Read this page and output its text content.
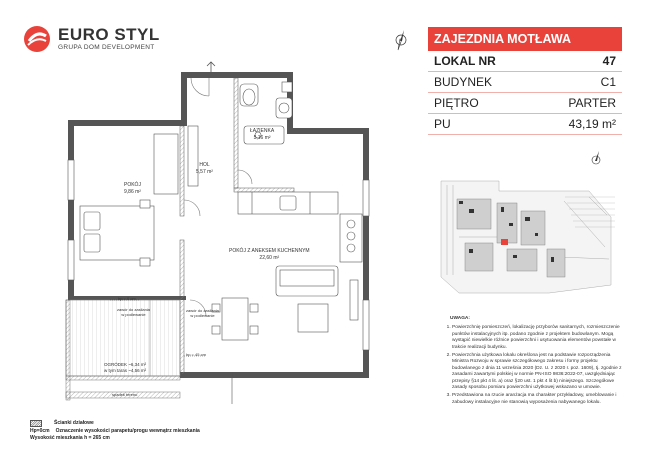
EURO STYL
GRUPA DOM DEVELOPMENT
ZAJEZDNIA MOTŁAWA
LOKAL NR	47
BUDYNEK	C1
PIĘTRO	PARTER
PU	43,19 m²
ŁAZIENKA
5,16 m²
HOL
5,57 m²
POKÓJ
9,86 m²
POKÓJ Z ANEKSEM KUCHENNYM
22,60 m²
OGRÓDEK ~6,34 m²
w tym taras ~4,56 m²
hp = 0 cm
hp = 45 cm
zawór do zasilania
w podlewanie
zawór do zasilania
w podlewanie
spadek terenu
UWAGA:
1. Powierzchnię pomieszczeń, lokalizację przyborów sanitarnych, rozmieszczenie punktów instalacyjnych itp. podano zgodnie z projektem budowlanym. Mogą wystąpić niewielkie różnice powierzchni i usytuowania elementów powstałe w trakcie realizacji budynku.
2. Powierzchnia użytkowa lokalu określona jest na podstawie rozporządzenia Ministra Rozwoju w sprawie szczegółowego zakresu i formy projektu budowlanego z dnia 11 września 2020 (Dz. U. z 2020 r. poz. 1609), tj. zgodnie z zasadami zawartymi polskiej w normie PN-ISO 9836:2022-07, uwzględniając przepisy §14 pkt 4 lit. a) oraz §20 ust. 1 pkt 4 lit b) niniejszego. Szczegółowe zasady sposobu pomiaru powierzchni użytkowej wskazano w umowie.
3. Przedstawiona na rzucie aranżacja ma charakter przykładowy, umeblowanie i zabudowy instalacyjne nie stanowią wyposażenia nabywanego lokalu.
Ścianki działowe
Hp=0cm Oznaczenie wysokości parapetu/progu wewnątrz mieszkania
Wysokość mieszkania h = 265 cm
